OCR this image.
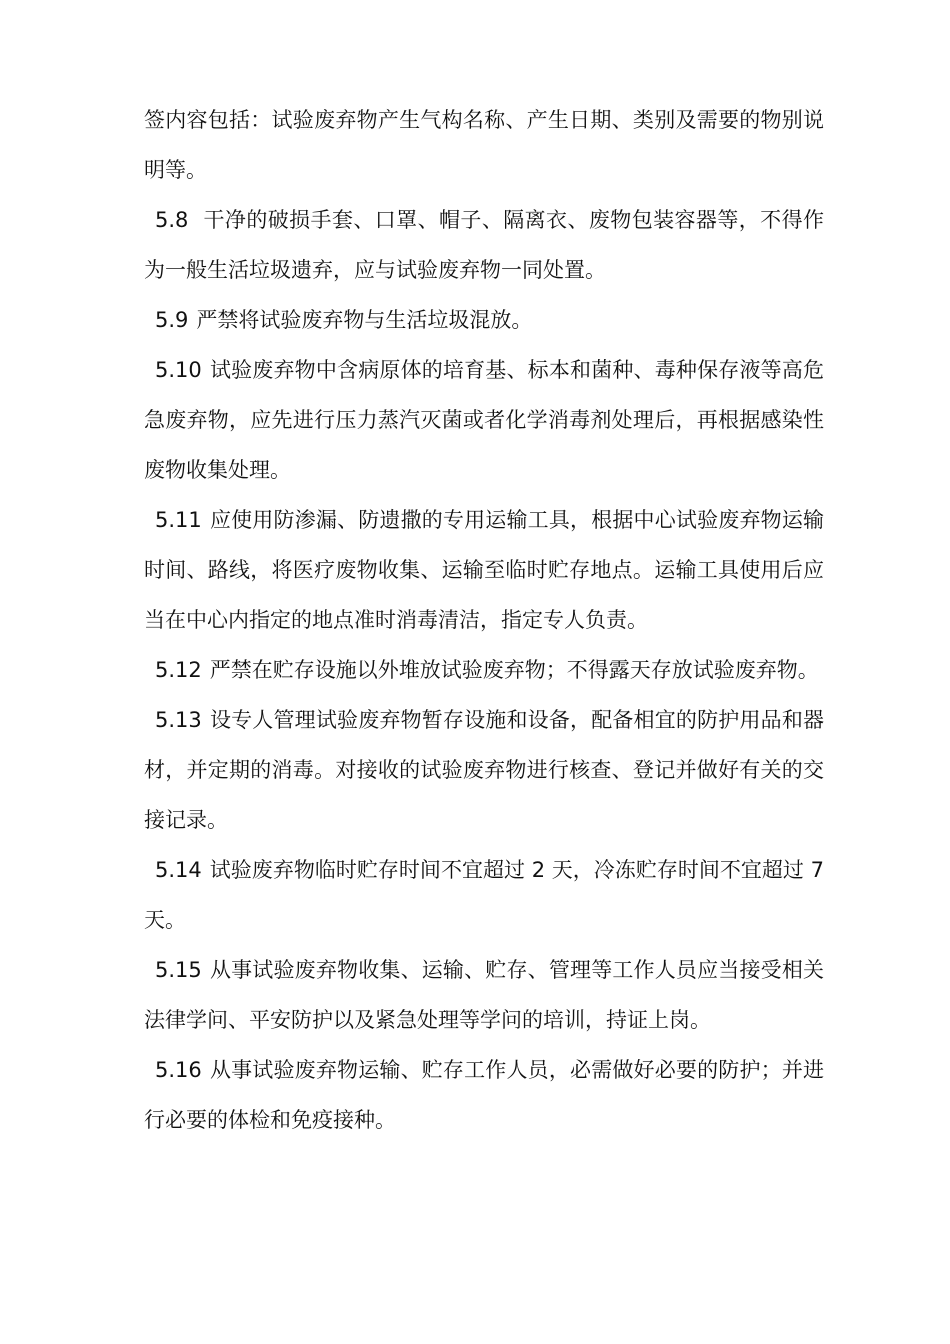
签内容包括：试验废弃物产生气构名称、产生日期、类别及需要的物别说明等。

5.8 干净的破损手套、口罩、帽子、隔离衣、废物包装容器等，不得作为一般生活垃圾遗弃，应与试验废弃物一同处置。

5.9 严禁将试验废弃物与生活垃圾混放。

5.10 试验废弃物中含病原体的培育基、标本和菌种、毒种保存液等高危急废弃物，应先进行压力蒸汽灭菌或者化学消毒剂处理后，再根据感染性废物收集处理。

5.11 应使用防渗漏、防遗撒的专用运输工具，根据中心试验废弃物运输时间、路线，将医疗废物收集、运输至临时贮存地点。运输工具使用后应当在中心内指定的地点准时消毒清洁，指定专人负责。

5.12 严禁在贮存设施以外堆放试验废弃物；不得露天存放试验废弃物。

5.13 设专人管理试验废弃物暂存设施和设备，配备相宜的防护用品和器材，并定期的消毒。对接收的试验废弃物进行核查、登记并做好有关的交接记录。

5.14 试验废弃物临时贮存时间不宜超过 2 天，冷冻贮存时间不宜超过 7 天。

5.15 从事试验废弃物收集、运输、贮存、管理等工作人员应当接受相关法律学问、平安防护以及紧急处理等学问的培训，持证上岗。

5.16 从事试验废弃物运输、贮存工作人员，必需做好必要的防护；并进行必要的体检和免疫接种。
